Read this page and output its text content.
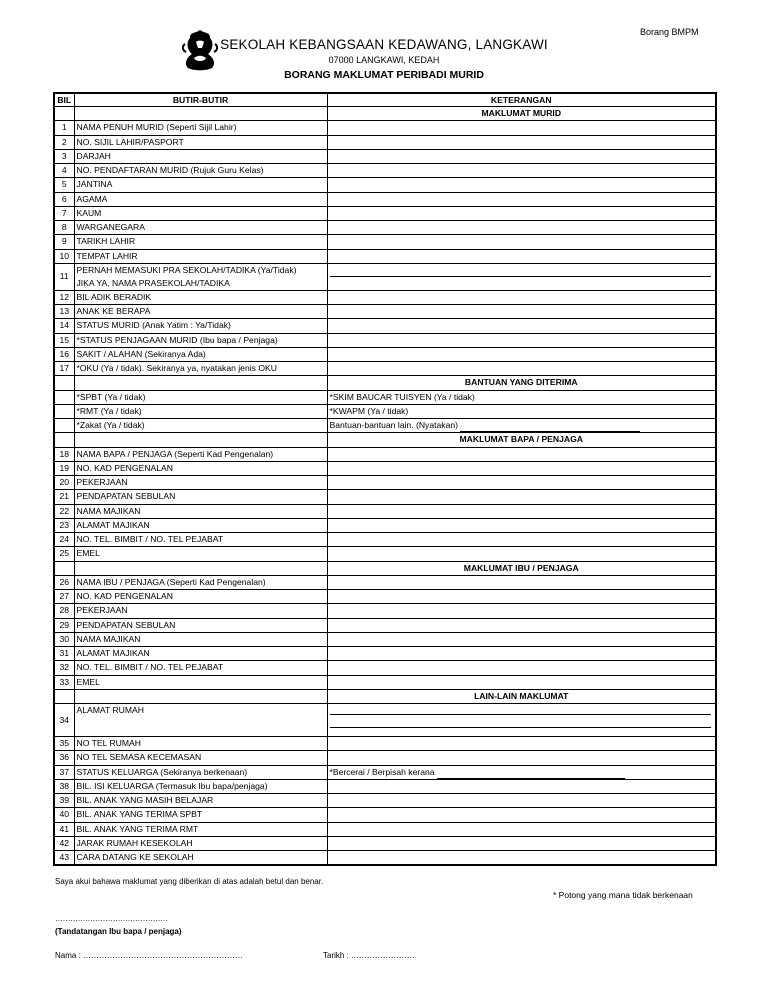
Borang BMPM
SEKOLAH KEBANGSAAN KEDAWANG, LANGKAWI
07000 LANGKAWI, KEDAH
BORANG MAKLUMAT PERIBADI MURID
BIL	BUTIR-BUTIR	KETERANGAN
		MAKLUMAT MURID
1	NAMA PENUH MURID (Seperti Sijil Lahir)	
2	NO. SIJIL LAHIR/PASPORT	
3	DARJAH	
4	NO. PENDAFTARAN MURID (Rujuk Guru Kelas)	
5	JANTINA	
6	AGAMA	
7	KAUM	
8	WARGANEGARA	
9	TARIKH LAHIR	
10	TEMPAT LAHIR	
11	PERNAH MEMASUKI PRA SEKOLAH/TADIKA (Ya/Tidak)
JIKA YA, NAMA PRASEKOLAH/TADIKA	

12	BIL ADIK BERADIK	
13	ANAK KE BERAPA	
14	STATUS MURID (Anak Yatim : Ya/Tidak)	
15	*STATUS PENJAGAAN MURID (Ibu bapa / Penjaga)	
16	SAKIT / ALAHAN (Sekiranya Ada)	
17	*OKU (Ya / tidak). Sekiranya ya, nyatakan jenis OKU	
		BANTUAN YANG DITERIMA
	*SPBT (Ya / tidak)	*SKIM BAUCAR TUISYEN (Ya / tidak)
	*RMT (Ya / tidak)	*KWAPM (Ya / tidak)
	*Zakat (Ya / tidak)	Bantuan-bantuan lain. (Nyatakan)
		MAKLUMAT BAPA / PENJAGA
18	NAMA BAPA / PENJAGA (Seperti Kad Pengenalan)	
19	NO. KAD PENGENALAN	
20	PEKERJAAN	
21	PENDAPATAN SEBULAN	
22	NAMA MAJIKAN	
23	ALAMAT MAJIKAN	
24	NO. TEL. BIMBIT / NO. TEL PEJABAT	
25	EMEL	
		MAKLUMAT IBU / PENJAGA
26	NAMA IBU / PENJAGA (Seperti Kad Pengenalan)	
27	NO. KAD PENGENALAN	
28	PEKERJAAN	
29	PENDAPATAN SEBULAN	
30	NAMA MAJIKAN	
31	ALAMAT MAJIKAN	
32	NO. TEL. BIMBIT / NO. TEL PEJABAT	
33	EMEL	
		LAIN-LAIN MAKLUMAT
34	ALAMAT RUMAH	

35	NO TEL RUMAH	
36	NO TEL SEMASA KECEMASAN	
37	STATUS KELUARGA (Sekiranya berkenaan)	*Bercerai / Berpisah kerana
38	BIL. ISI KELUARGA (Termasuk Ibu bapa/penjaga)	
39	BIL. ANAK YANG MASIH BELAJAR	
40	BIL. ANAK YANG TERIMA SPBT	
41	BIL. ANAK YANG TERIMA RMT	
42	JARAK RUMAH KESEKOLAH	
43	CARA DATANG KE SEKOLAH	
Saya akui bahawa maklumat yang diberikan di atas adalah betul dan benar.
* Potong yang mana tidak berkenaan
………………………………………
(Tandatangan Ibu bapa / penjaga)
Nama : ……………………………………………………	Tarikh : ……………………
